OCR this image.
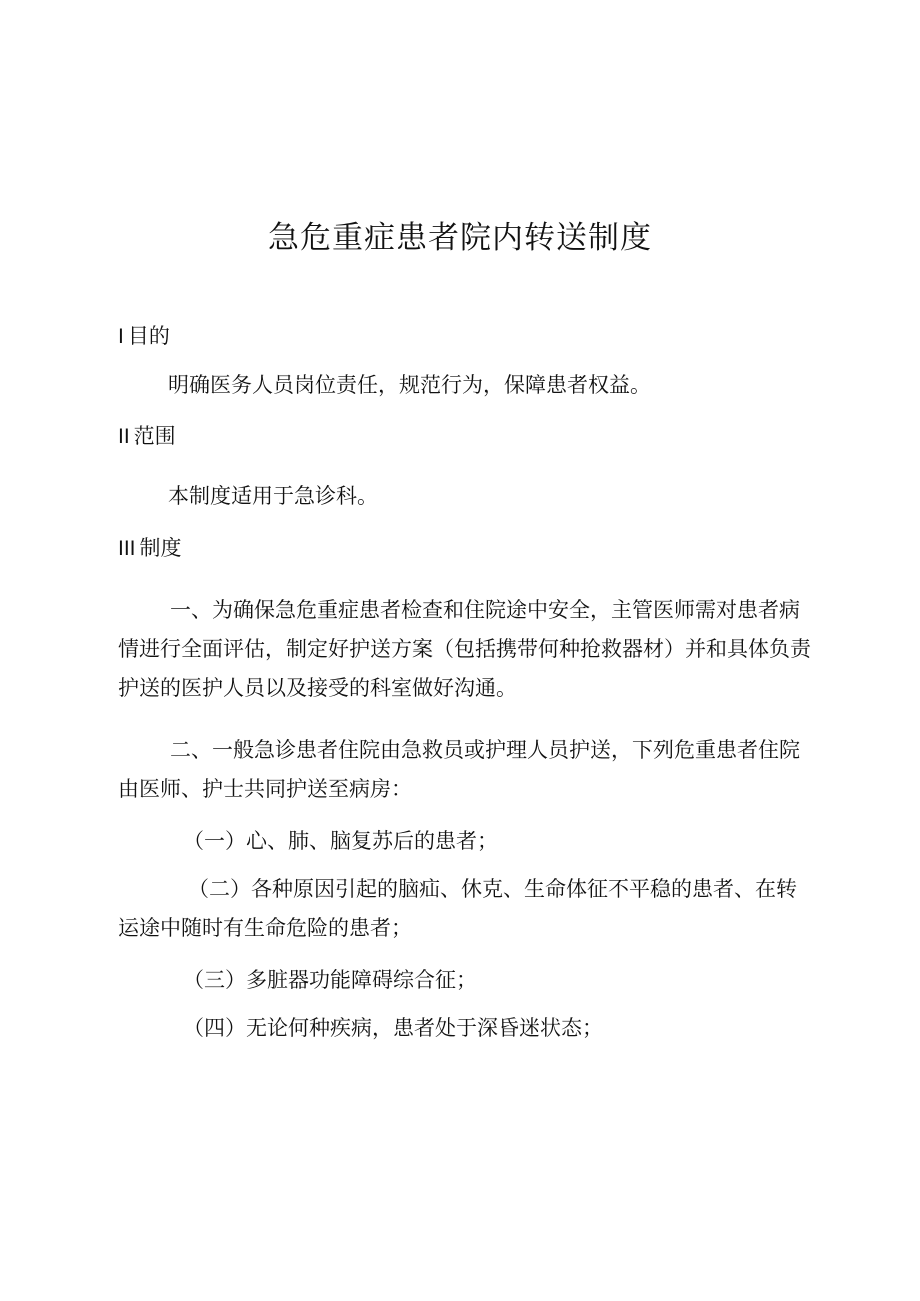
急危重症患者院内转送制度
I 目的

明确医务人员岗位责任，规范行为，保障患者权益。

II 范围

本制度适用于急诊科。

III 制度

一、为确保急危重症患者检查和住院途中安全，主管医师需对患者病情进行全面评估，制定好护送方案（包括携带何种抢救器材）并和具体负责护送的医护人员以及接受的科室做好沟通。

二、一般急诊患者住院由急救员或护理人员护送，下列危重患者住院由医师、护士共同护送至病房：

（一）心、肺、脑复苏后的患者；

（二）各种原因引起的脑疝、休克、生命体征不平稳的患者、在转运途中随时有生命危险的患者；

（三）多脏器功能障碍综合征；

（四）无论何种疾病，患者处于深昏迷状态；
